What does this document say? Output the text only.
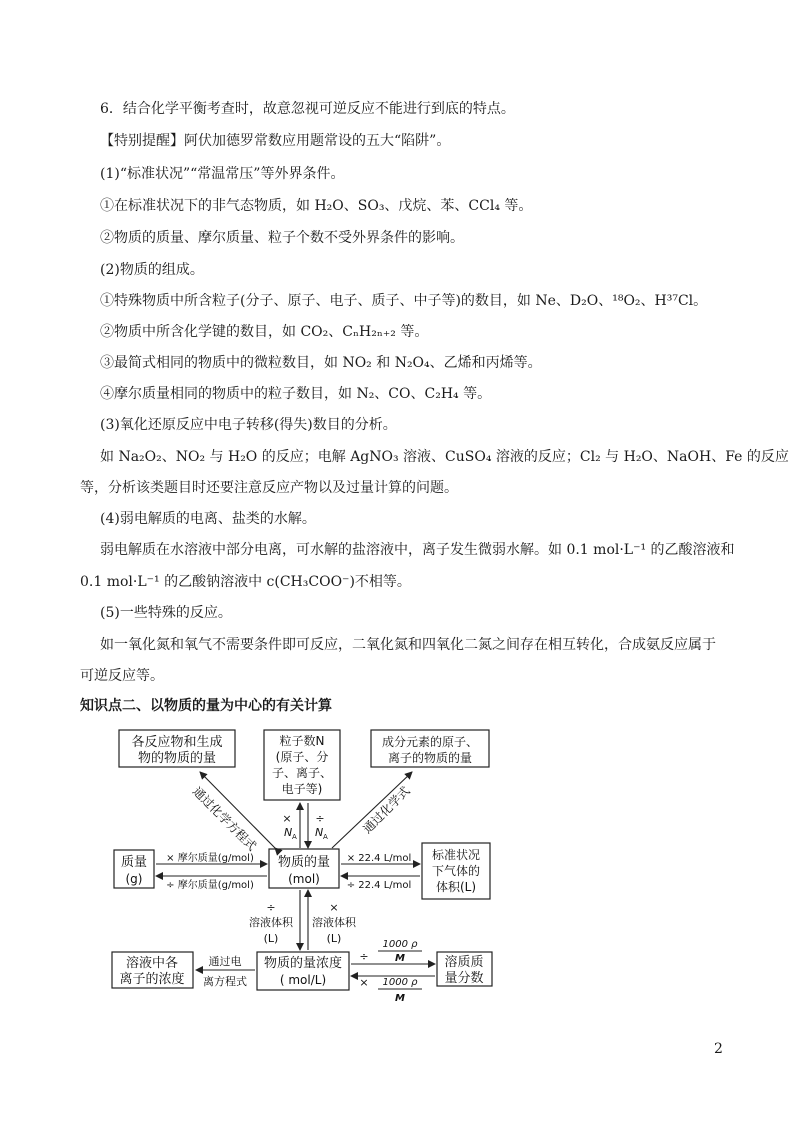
6．结合化学平衡考查时，故意忽视可逆反应不能进行到底的特点。
【特别提醒】阿伏加德罗常数应用题常设的五大“陷阱”。
(1)“标准状况”“常温常压”等外界条件。
①在标准状况下的非气态物质，如 H₂O、SO₃、戊烷、苯、CCl₄ 等。
②物质的质量、摩尔质量、粒子个数不受外界条件的影响。
(2)物质的组成。
①特殊物质中所含粒子(分子、原子、电子、质子、中子等)的数目，如 Ne、D₂O、¹⁸O₂、H³⁷Cl。
②物质中所含化学键的数目，如 CO₂、CₙH₂ₙ₊₂ 等。
③最简式相同的物质中的微粒数目，如 NO₂ 和 N₂O₄、乙烯和丙烯等。
④摩尔质量相同的物质中的粒子数目，如 N₂、CO、C₂H₄ 等。
(3)氧化还原反应中电子转移(得失)数目的分析。
如 Na₂O₂、NO₂ 与 H₂O 的反应；电解 AgNO₃ 溶液、CuSO₄ 溶液的反应；Cl₂ 与 H₂O、NaOH、Fe 的反应
等，分析该类题目时还要注意反应产物以及过量计算的问题。
(4)弱电解质的电离、盐类的水解。
弱电解质在水溶液中部分电离，可水解的盐溶液中，离子发生微弱水解。如 0.1 mol·L⁻¹ 的乙酸溶液和
0.1 mol·L⁻¹ 的乙酸钠溶液中 c(CH₃COO⁻)不相等。
(5)一些特殊的反应。
如一氧化氮和氧气不需要条件即可反应，二氧化氮和四氧化二氮之间存在相互转化，合成氨反应属于
可逆反应等。
知识点二、以物质的量为中心的有关计算
各反应物和生成
物的物质的量
粒子数N
(原子、分
子、离子、
电子等)
成分元素的原子、
离子的物质的量
质量
(g)
物质的量
(mol)
标准状况
下气体的
体积(L)
溶液中各
离子的浓度
物质的量浓度
( mol/L)
溶质质
量分数
通过化学方程式	通过化学式
×
N A
÷
N A
× 摩尔质量(g/mol)
÷ 摩尔质量(g/mol)
× 22.4 L/mol
÷ 22.4 L/mol
÷
溶液体积
(L)
×
溶液体积
(L)
通过电
离方程式
÷
1000 ρ
M
× 1000 ρ
M
2
